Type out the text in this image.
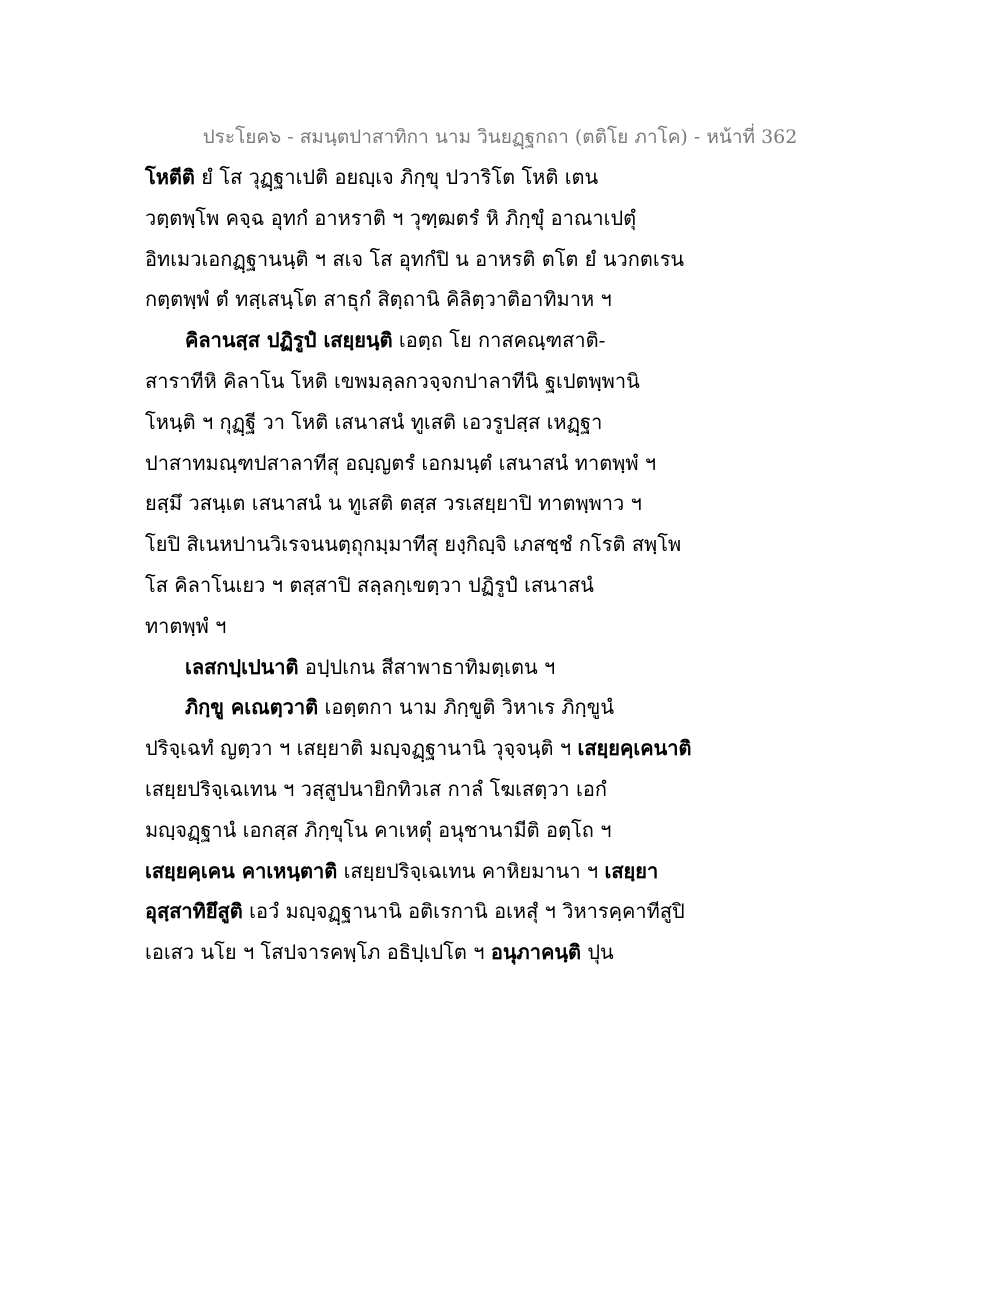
ประโยค๖ - สมนฺตปาสาทิกา นาม วินยฏฺฐกถา (ตติโย ภาโค) - หน้าที่ 362
โหตีติ ยํ โส วุฏฺฐาเปติ อยญฺเจ ภิกฺขุ ปวาริโต โหติ เตน
วตฺตพฺโพ คจฺฉ อุทกํ อาหราติ ฯ วุฑฺฒตรํ หิ ภิกฺขุํ อาณาเปตุํ
อิทเมวเอกฏฺฐานนฺติ ฯ สเจ โส อุทกํปิ น อาหรติ ตโต ยํ นวกตเรน
กตฺตพฺพํ ตํ ทสฺเสนฺโต สาธุกํ สิตฺถานิ คิลิตฺวาติอาทิมาห ฯ
คิลานสฺส ปฏิรูปํ เสยฺยนฺติ เอตฺถ โย กาสคณฺฑสาติ-
สาราทีหิ คิลาโน โหติ เขพมลฺลกวจฺจกปาลาทีนิ ฐเปตพฺพานิ
โหนฺติ ฯ กุฏฺฐี วา โหติ เสนาสนํ ทูเสติ เอวรูปสฺส เหฏฺฐา
ปาสาทมณฺฑปสาลาทีสุ อญฺญตรํ เอกมนฺตํ เสนาสนํ ทาตพฺพํ ฯ
ยสฺมึ วสนฺเต เสนาสนํ น ทูเสติ ตสฺส วรเสยฺยาปิ ทาตพฺพาว ฯ
โยปิ สิเนหปานวิเรจนนตฺถุกมฺมาทีสุ ยงฺกิญฺจิ เภสชฺชํ กโรติ สพฺโพ
โส คิลาโนเยว ฯ ตสฺสาปิ สลฺลกฺเขตฺวา ปฏิรูปํ เสนาสนํ
ทาตพฺพํ ฯ
เลสกปฺเปนาติ อปฺปเกน สีสาพาธาทิมตฺเตน ฯ
ภิกฺขู คเณตฺวาติ เอตฺตกา นาม ภิกฺขูติ วิหาเร ภิกฺขูนํ
ปริจฺเฉทํ ญตฺวา ฯ เสยฺยาติ มญฺจฏฺฐานานิ วุจฺจนฺติ ฯ เสยฺยคฺเคนาติ
เสยฺยปริจฺเฉเทน ฯ วสฺสูปนายิกทิวเส กาลํ โฆเสตฺวา เอกํ
มญฺจฏฺฐานํ เอกสฺส ภิกฺขุโน คาเหตุํ อนุชานามีติ อตฺโถ ฯ
เสยฺยคฺเคน คาเหนฺตาติ เสยฺยปริจฺเฉเทน คาหิยมานา ฯ เสยฺยา
อุสฺสาทิยึสูติ เอวํ มญฺจฏฺฐานานิ อติเรกานิ อเหสุํ ฯ วิหารคฺคาทีสูปิ
เอเสว นโย ฯ โสปจารคพฺโภ อธิปฺเปโต ฯ อนุภาคนฺติ ปุน
